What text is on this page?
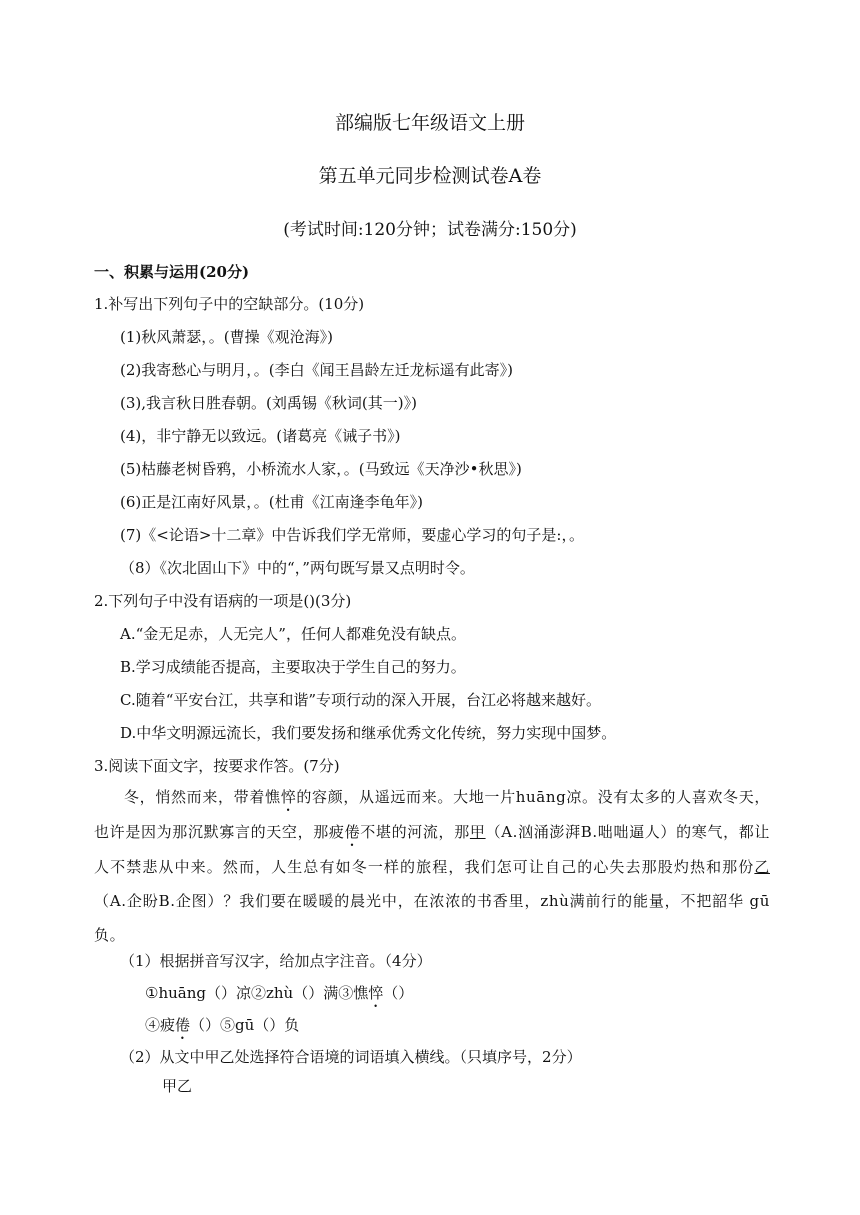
部编版七年级语文上册
第五单元同步检测试卷A卷
(考试时间:120分钟；试卷满分:150分)
一、积累与运用(20分)
1.补写出下列句子中的空缺部分。(10分)
(1)秋风萧瑟，。(曹操《观沧海》)
(2)我寄愁心与明月，。(李白《闻王昌龄左迁龙标遥有此寄》)
(3),我言秋日胜春朝。(刘禹锡《秋词(其一)》)
(4)，非宁静无以致远。(诸葛亮《诫子书》)
(5)枯藤老树昏鸦，小桥流水人家，。(马致远《天净沙•秋思》)
(6)正是江南好风景，。(杜甫《江南逢李龟年》)
(7)《<论语>十二章》中告诉我们学无常师，要虚心学习的句子是:，。
（8）《次北固山下》中的“，”两句既写景又点明时令。
2.下列句子中没有语病的一项是()(3分)
A.“金无足赤，人无完人”，任何人都难免没有缺点。
B.学习成绩能否提高，主要取决于学生自己的努力。
C.随着“平安台江，共享和谐”专项行动的深入开展，台江必将越来越好。
D.中华文明源远流长，我们要发扬和继承优秀文化传统，努力实现中国梦。
3.阅读下面文字，按要求作答。(7分)
冬，悄然而来，带着憔悴的容颜，从遥远而来。大地一片huāng凉。没有太多的人喜欢冬天，也许是因为那沉默寡言的天空，那疲倦不堪的河流，那甲（A.汹涌澎湃B.咄咄逼人）的寒气，都让人不禁悲从中来。然而，人生总有如冬一样的旅程，我们怎可让自己的心失去那股灼热和那份乙（A.企盼B.企图）？我们要在暖暖的晨光中，在浓浓的书香里，zhù满前行的能量，不把韶华 gū负。
（1）根据拼音写汉字，给加点字注音。（4分）
①huāng（）凉②zhù（）满③憔悴（）
④疲倦（）⑤gū（）负
（2）从文中甲乙处选择符合语境的词语填入横线。（只填序号，2分）
甲乙
